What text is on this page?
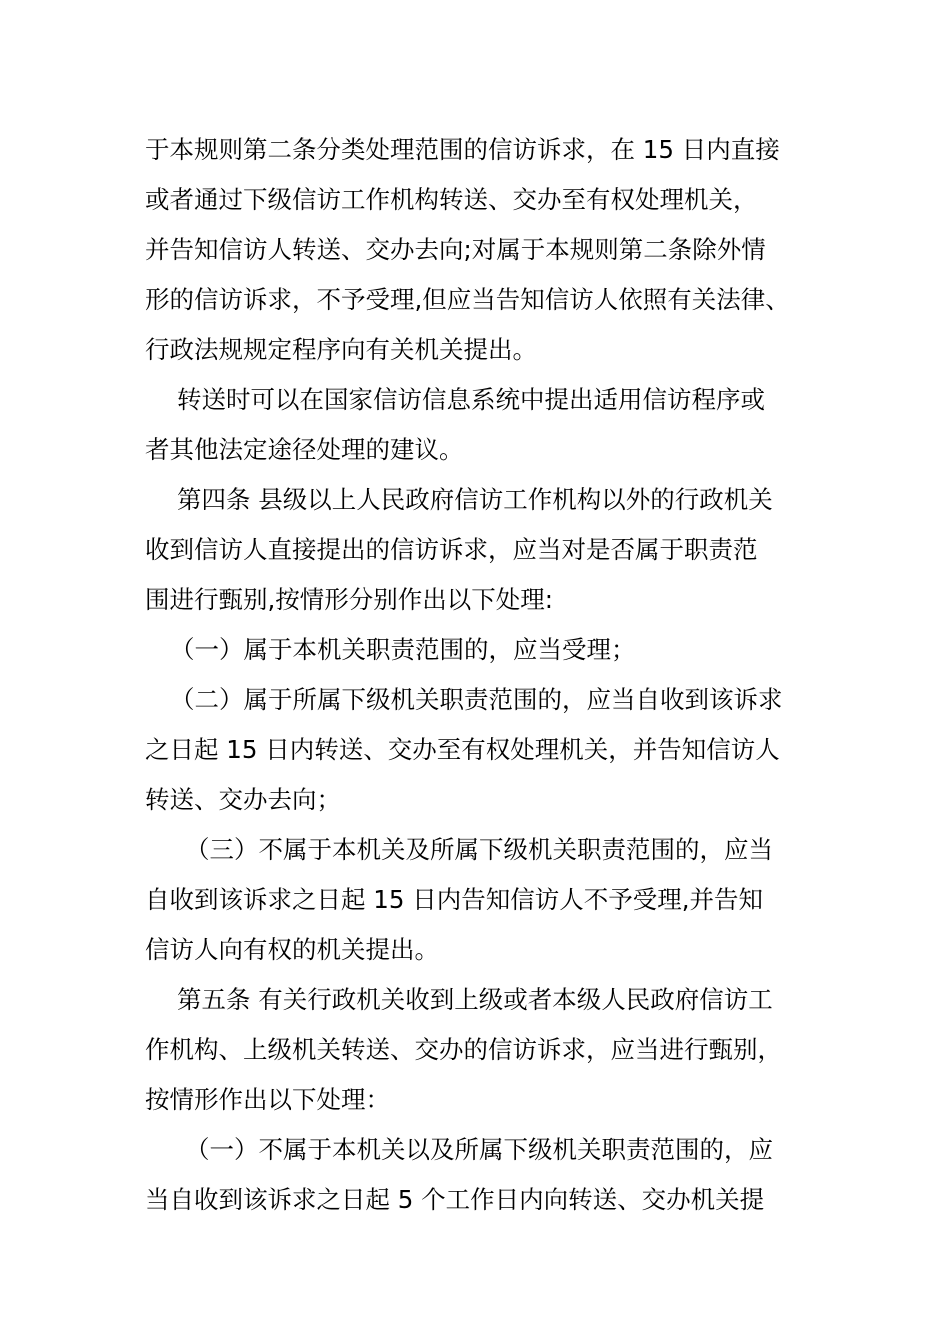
于本规则第二条分类处理范围的信访诉求，在 15 日内直接
或者通过下级信访工作机构转送、交办至有权处理机关，
并告知信访人转送、交办去向;对属于本规则第二条除外情
形的信访诉求，不予受理,但应当告知信访人依照有关法律、
行政法规规定程序向有关机关提出。
转送时可以在国家信访信息系统中提出适用信访程序或
者其他法定途径处理的建议。
第四条 县级以上人民政府信访工作机构以外的行政机关
收到信访人直接提出的信访诉求，应当对是否属于职责范
围进行甄别,按情形分别作出以下处理:
（一）属于本机关职责范围的，应当受理；
（二）属于所属下级机关职责范围的，应当自收到该诉求
之日起 15 日内转送、交办至有权处理机关，并告知信访人
转送、交办去向；
（三）不属于本机关及所属下级机关职责范围的，应当
自收到该诉求之日起 15 日内告知信访人不予受理,并告知
信访人向有权的机关提出。
第五条 有关行政机关收到上级或者本级人民政府信访工
作机构、上级机关转送、交办的信访诉求，应当进行甄别，
按情形作出以下处理：
（一）不属于本机关以及所属下级机关职责范围的，应
当自收到该诉求之日起 5 个工作日内向转送、交办机关提
